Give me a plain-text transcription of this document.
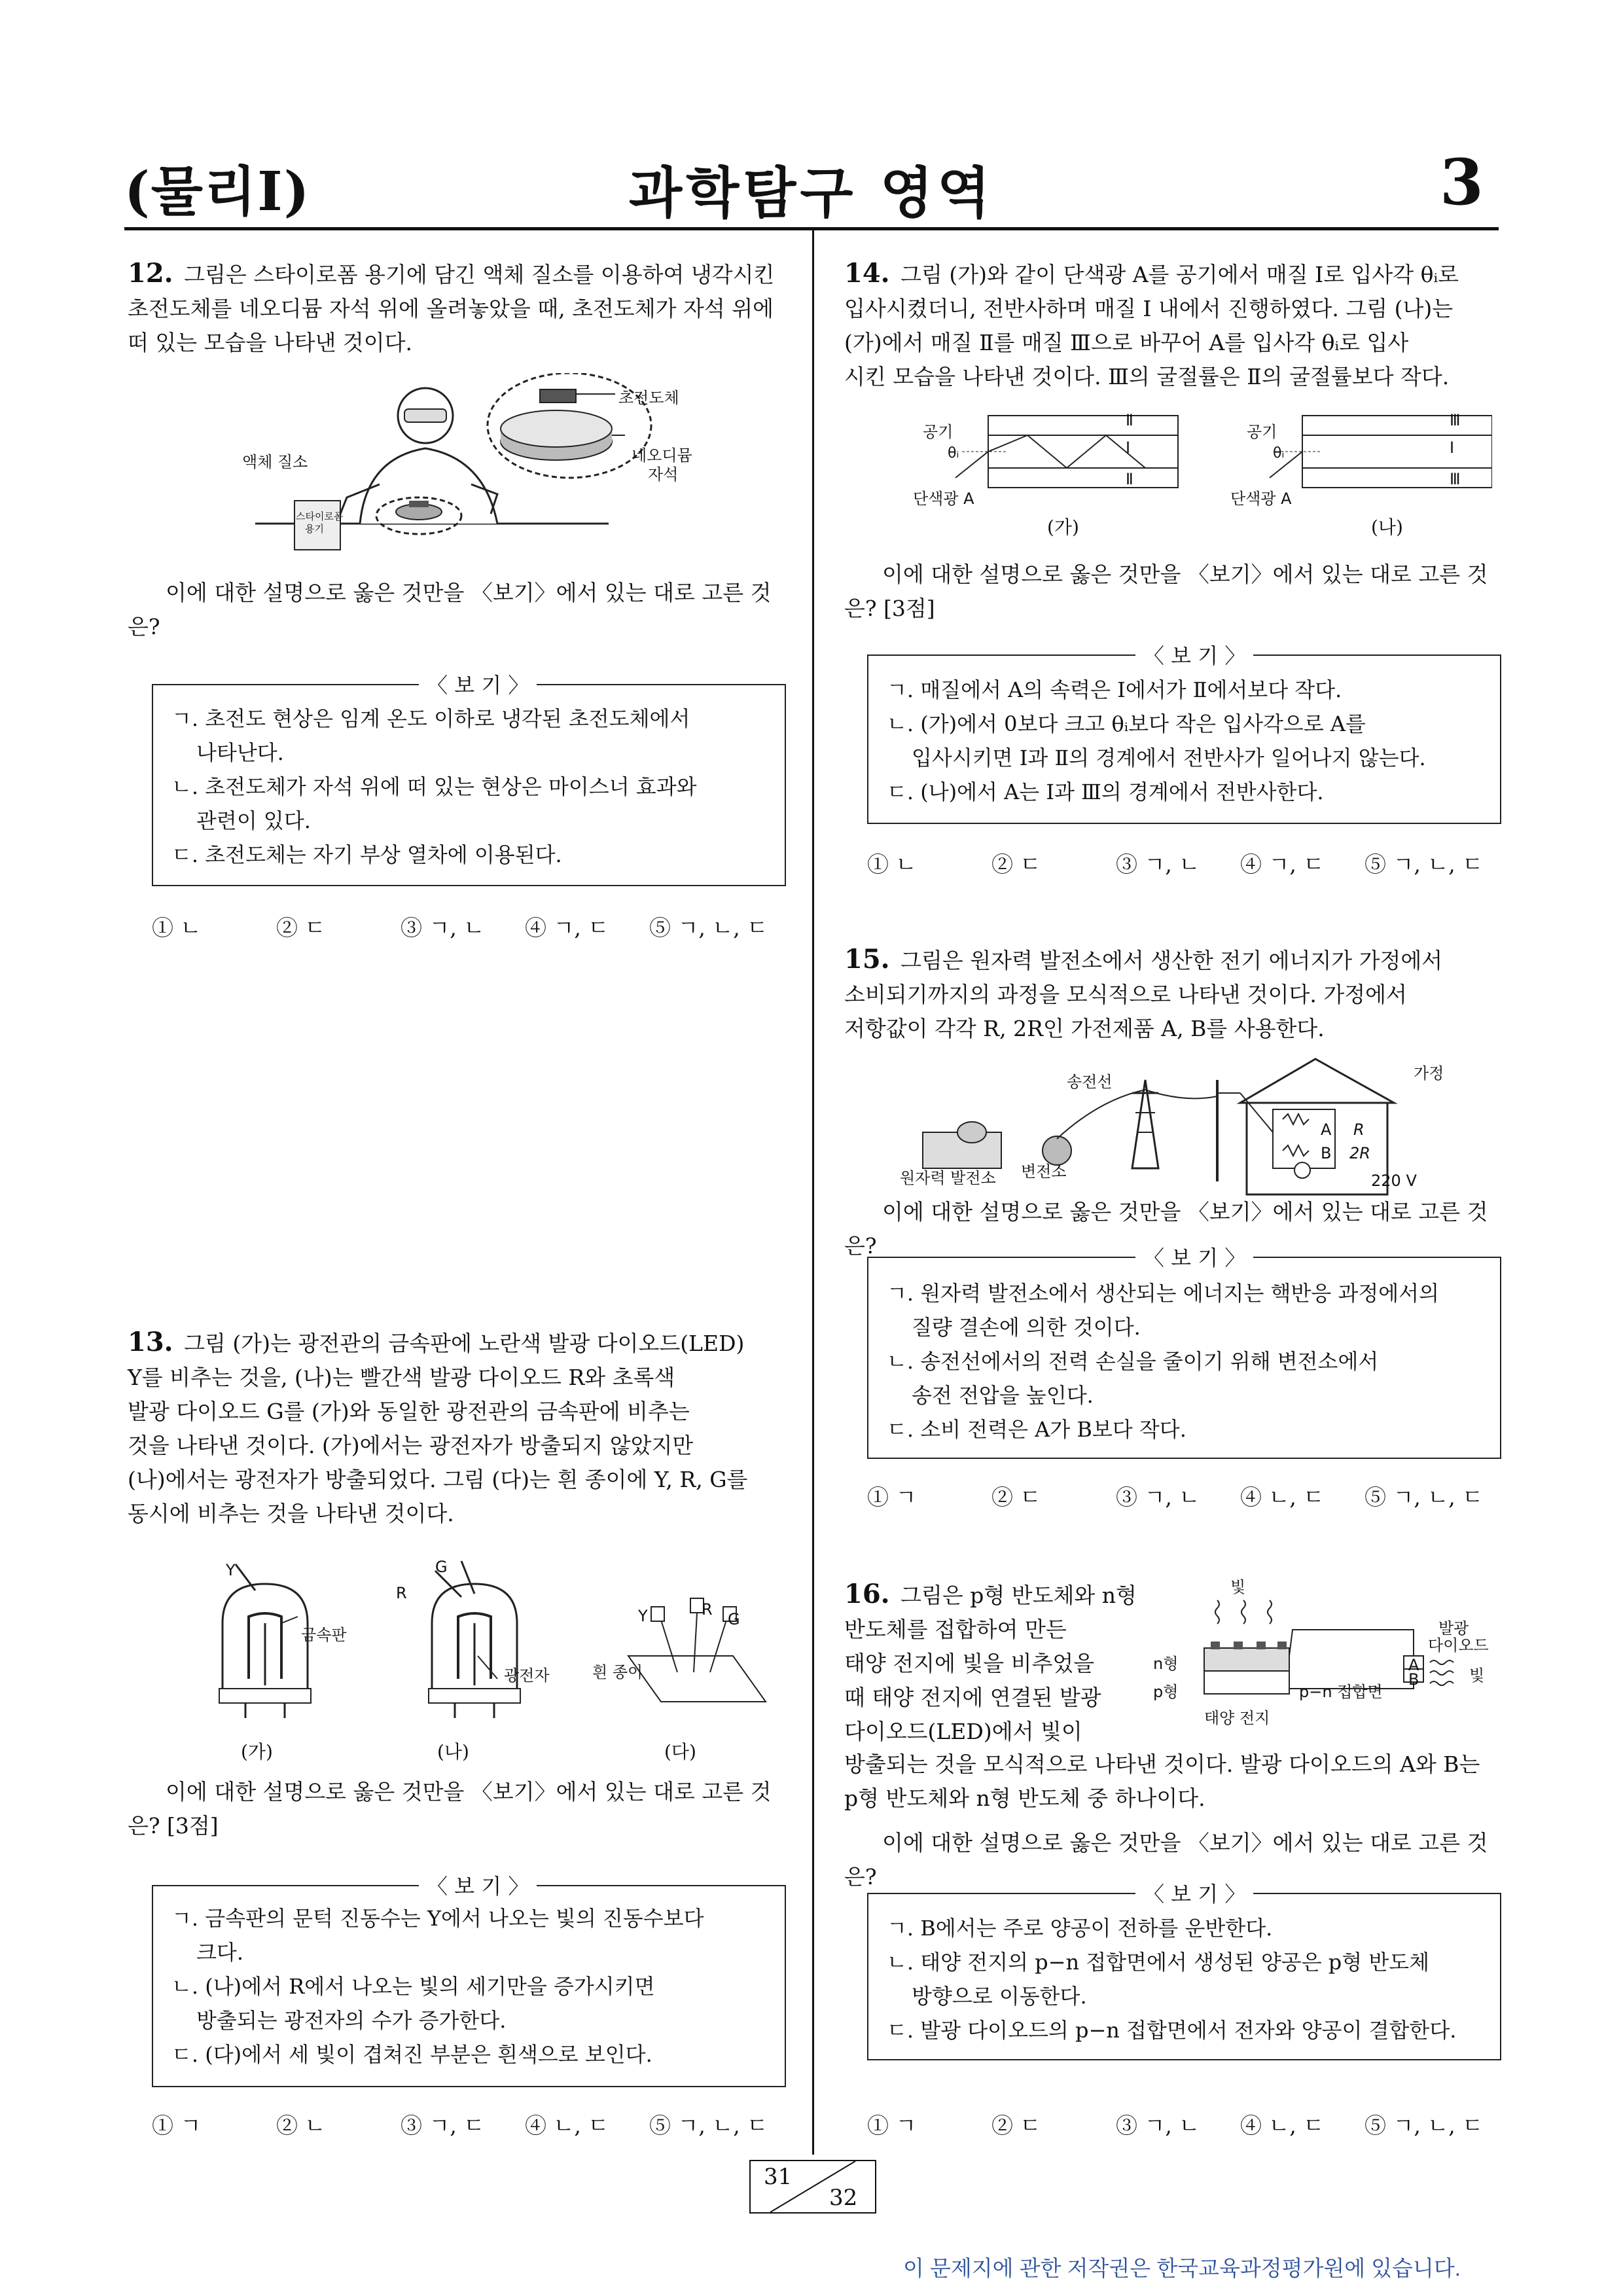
(물리Ⅰ)	과학탐구 영역	3
12. 그림은 스타이로폼 용기에 담긴 액체 질소를 이용하여 냉각시킨 초전도체를 네오디뮴 자석 위에 올려놓았을 때, 초전도체가 자석 위에 떠 있는 모습을 나타낸 것이다.
초전도체
액체 질소	네오디뮴
자석
스타이로폼
용기
이에 대한 설명으로 옳은 것만을 〈보기〉에서 있는 대로 고른 것은?
〈 보 기 〉
ㄱ. 초전도 현상은 임계 온도 이하로 냉각된 초전도체에서
나타난다.
ㄴ. 초전도체가 자석 위에 떠 있는 현상은 마이스너 효과와
관련이 있다.
ㄷ. 초전도체는 자기 부상 열차에 이용된다.
① ㄴ	② ㄷ	③ ㄱ, ㄴ	④ ㄱ, ㄷ	⑤ ㄱ, ㄴ, ㄷ
13. 그림 (가)는 광전관의 금속판에 노란색 발광 다이오드(LED)
Y를 비추는 것을, (나)는 빨간색 발광 다이오드 R와 초록색
발광 다이오드 G를 (가)와 동일한 광전관의 금속판에 비추는
것을 나타낸 것이다. (가)에서는 광전자가 방출되지 않았지만
(나)에서는 광전자가 방출되었다. 그림 (다)는 흰 종이에 Y, R, G를
동시에 비추는 것을 나타낸 것이다.
Y
R
G
금속판
광전자	흰 종이
Y	R
G
(가)	(나)	(다)
이에 대한 설명으로 옳은 것만을 〈보기〉에서 있는 대로 고른 것은? [3점]
〈 보 기 〉
ㄱ. 금속판의 문턱 진동수는 Y에서 나오는 빛의 진동수보다
크다.
ㄴ. (나)에서 R에서 나오는 빛의 세기만을 증가시키면
방출되는 광전자의 수가 증가한다.
ㄷ. (다)에서 세 빛이 겹쳐진 부분은 흰색으로 보인다.
① ㄱ	② ㄴ	③ ㄱ, ㄷ	④ ㄴ, ㄷ	⑤ ㄱ, ㄴ, ㄷ
14. 그림 (가)와 같이 단색광 A를 공기에서 매질 Ⅰ로 입사각 θᵢ로
입사시켰더니, 전반사하며 매질 Ⅰ 내에서 진행하였다. 그림 (나)는
(가)에서 매질 Ⅱ를 매질 Ⅲ으로 바꾸어 A를 입사각 θᵢ로 입사
시킨 모습을 나타낸 것이다. Ⅲ의 굴절률은 Ⅱ의 굴절률보다 작다.
공기
θᵢ
단색광 A
Ⅱ
Ⅰ
Ⅱ
공기
θᵢ
단색광 A
Ⅲ
Ⅰ
Ⅲ
(가)	(나)
이에 대한 설명으로 옳은 것만을 〈보기〉에서 있는 대로 고른 것은? [3점]
〈 보 기 〉
ㄱ. 매질에서 A의 속력은 Ⅰ에서가 Ⅱ에서보다 작다.
ㄴ. (가)에서 0보다 크고 θᵢ보다 작은 입사각으로 A를
입사시키면 Ⅰ과 Ⅱ의 경계에서 전반사가 일어나지 않는다.
ㄷ. (나)에서 A는 Ⅰ과 Ⅲ의 경계에서 전반사한다.
① ㄴ	② ㄷ	③ ㄱ, ㄴ	④ ㄱ, ㄷ	⑤ ㄱ, ㄴ, ㄷ
15. 그림은 원자력 발전소에서 생산한 전기 에너지가 가정에서
소비되기까지의 과정을 모식적으로 나타낸 것이다. 가정에서
저항값이 각각 R, 2R인 가전제품 A, B를 사용한다.
송전선	가정
원자력 발전소 변전소
A R
B 2R
220 V
이에 대한 설명으로 옳은 것만을 〈보기〉에서 있는 대로 고른 것은?	〈 보 기 〉
ㄱ. 원자력 발전소에서 생산되는 에너지는 핵반응 과정에서의
질량 결손에 의한 것이다.
ㄴ. 송전선에서의 전력 손실을 줄이기 위해 변전소에서
송전 전압을 높인다.
ㄷ. 소비 전력은 A가 B보다 작다.
① ㄱ	② ㄷ	③ ㄱ, ㄴ	④ ㄴ, ㄷ	⑤ ㄱ, ㄴ, ㄷ
16. 그림은 p형 반도체와 n형
반도체를 접합하여 만든
태양 전지에 빛을 비추었을
때 태양 전지에 연결된 발광
다이오드(LED)에서 빛이
빛
발광
다이오드
n형
p형	p−n 접합면
태양 전지
A
B	빛
방출되는 것을 모식적으로 나타낸 것이다. 발광 다이오드의 A와 B는
p형 반도체와 n형 반도체 중 하나이다.
이에 대한 설명으로 옳은 것만을 〈보기〉에서 있는 대로 고른 것은?
〈 보 기 〉
ㄱ. B에서는 주로 양공이 전하를 운반한다.
ㄴ. 태양 전지의 p−n 접합면에서 생성된 양공은 p형 반도체
방향으로 이동한다.
ㄷ. 발광 다이오드의 p−n 접합면에서 전자와 양공이 결합한다.
① ㄱ	② ㄷ	③ ㄱ, ㄴ	④ ㄴ, ㄷ	⑤ ㄱ, ㄴ, ㄷ
31
32
이 문제지에 관한 저작권은 한국교육과정평가원에 있습니다.
